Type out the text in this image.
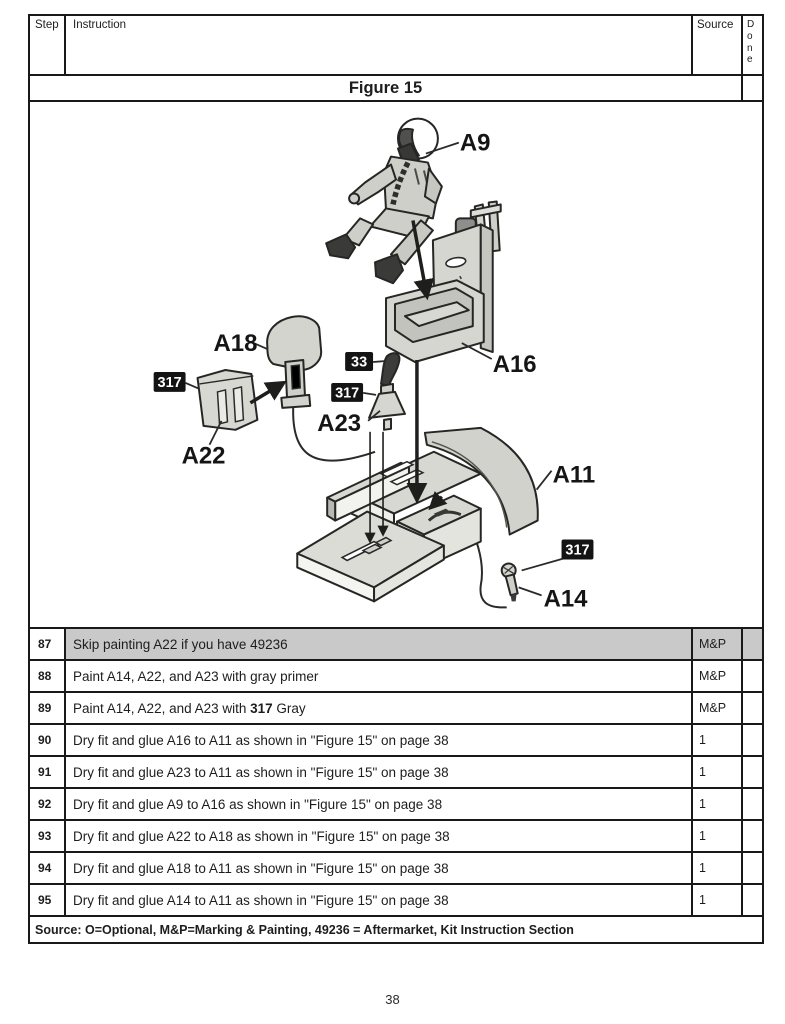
Step	Instruction	Source	Done
Figure 15
A9
A16
A18
A22
A23
A11
A14
317
33
317
317
87	Skip painting A22 if you have 49236	M&P
88	Paint A14, A22, and A23 with gray primer	M&P
89	Paint A14, A22, and A23 with 317 Gray	M&P
90	Dry fit and glue A16 to A11 as shown in "Figure 15" on page 38	1
91	Dry fit and glue A23 to A11 as shown in "Figure 15" on page 38	1
92	Dry fit and glue A9 to A16 as shown in "Figure 15" on page 38	1
93	Dry fit and glue A22 to A18 as shown in "Figure 15" on page 38	1
94	Dry fit and glue A18 to A11 as shown in "Figure 15" on page 38	1
95	Dry fit and glue A14 to A11 as shown in "Figure 15" on page 38	1
Source: O=Optional, M&P=Marking & Painting, 49236 = Aftermarket, Kit Instruction Section
38
